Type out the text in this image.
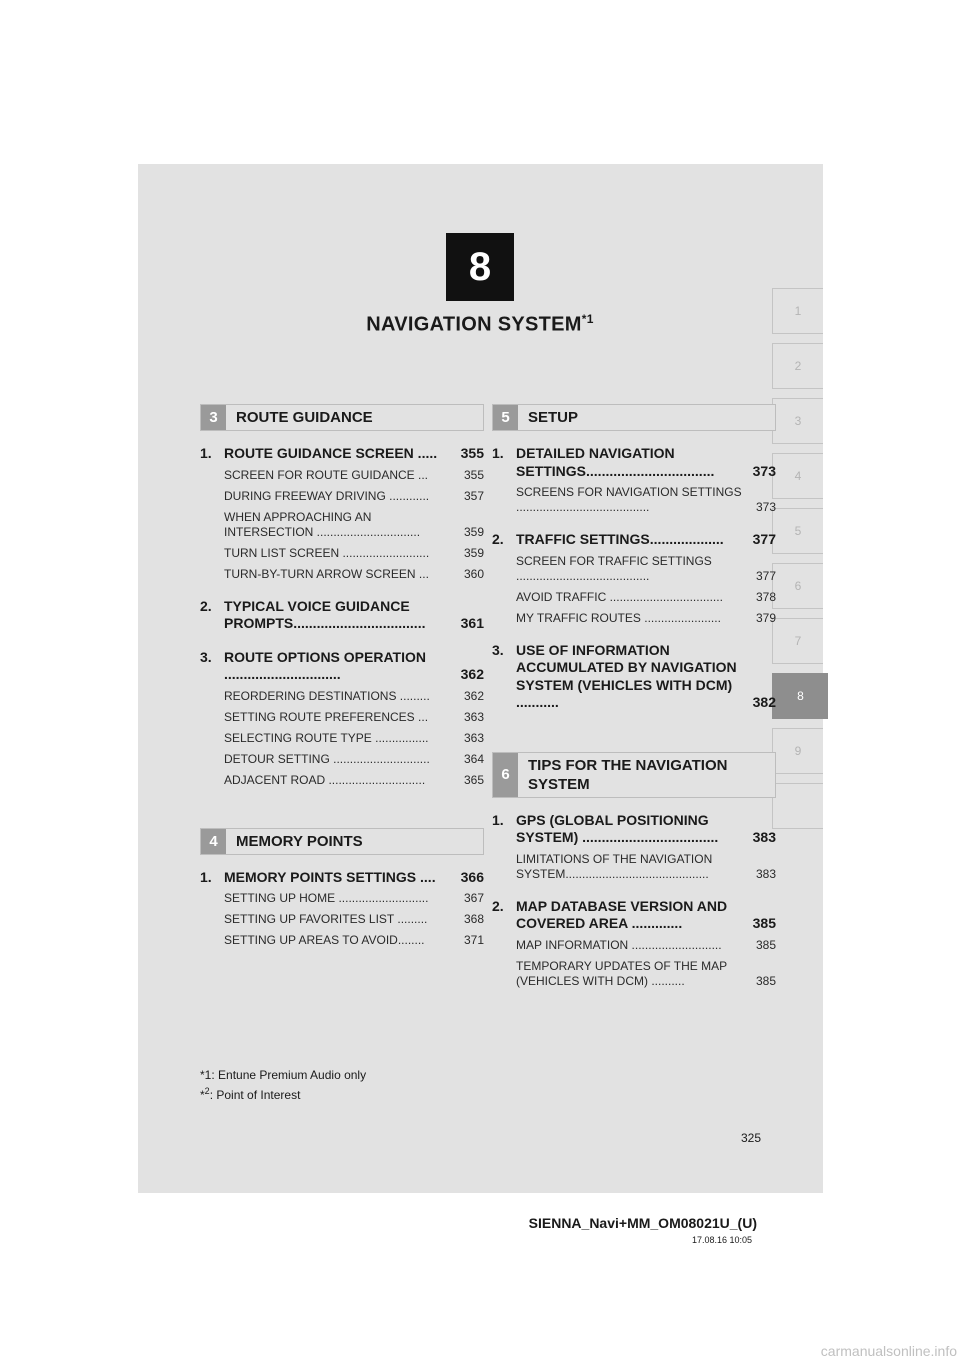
8
NAVIGATION SYSTEM$^{*1}$
1
2
3
4
5
6
7
8
9
3	ROUTE GUIDANCE
1. ROUTE GUIDANCE SCREEN .....	355
SCREEN FOR ROUTE GUIDANCE ...	355
DURING FREEWAY DRIVING ............	357
WHEN APPROACHING AN INTERSECTION ...............................	359
TURN LIST SCREEN ..........................	359
TURN-BY-TURN ARROW SCREEN ...	360
2. TYPICAL VOICE GUIDANCE PROMPTS..................................	361
3. ROUTE OPTIONS OPERATION ..............................	362
REORDERING DESTINATIONS .........	362
SETTING ROUTE PREFERENCES ...	363
SELECTING ROUTE TYPE ................	363
DETOUR SETTING .............................	364
ADJACENT ROAD .............................	365
4	MEMORY POINTS
1. MEMORY POINTS SETTINGS ....	366
SETTING UP HOME ...........................	367
SETTING UP FAVORITES LIST .........	368
SETTING UP AREAS TO AVOID........	371
5	SETUP
1. DETAILED NAVIGATION SETTINGS.................................	373
SCREENS FOR NAVIGATION SETTINGS ........................................	373
2. TRAFFIC SETTINGS...................	377
SCREEN FOR TRAFFIC SETTINGS ........................................	377
AVOID TRAFFIC ..................................	378
MY TRAFFIC ROUTES .......................	379
3. USE OF INFORMATION ACCUMULATED BY NAVIGATION SYSTEM (VEHICLES WITH DCM) ...........	382
6
TIPS FOR THE NAVIGATION SYSTEM
1. GPS (GLOBAL POSITIONING SYSTEM) ...................................	383
LIMITATIONS OF THE NAVIGATION SYSTEM...........................................	383
2. MAP DATABASE VERSION AND COVERED AREA .............	385
MAP INFORMATION ...........................	385
TEMPORARY UPDATES OF THE MAP (VEHICLES WITH DCM) ..........	385
*1: Entune Premium Audio only
*$^2$: Point of Interest
325
SIENNA_Navi+MM_OM08021U_(U)
17.08.16 10:05
carmanualsonline.info
